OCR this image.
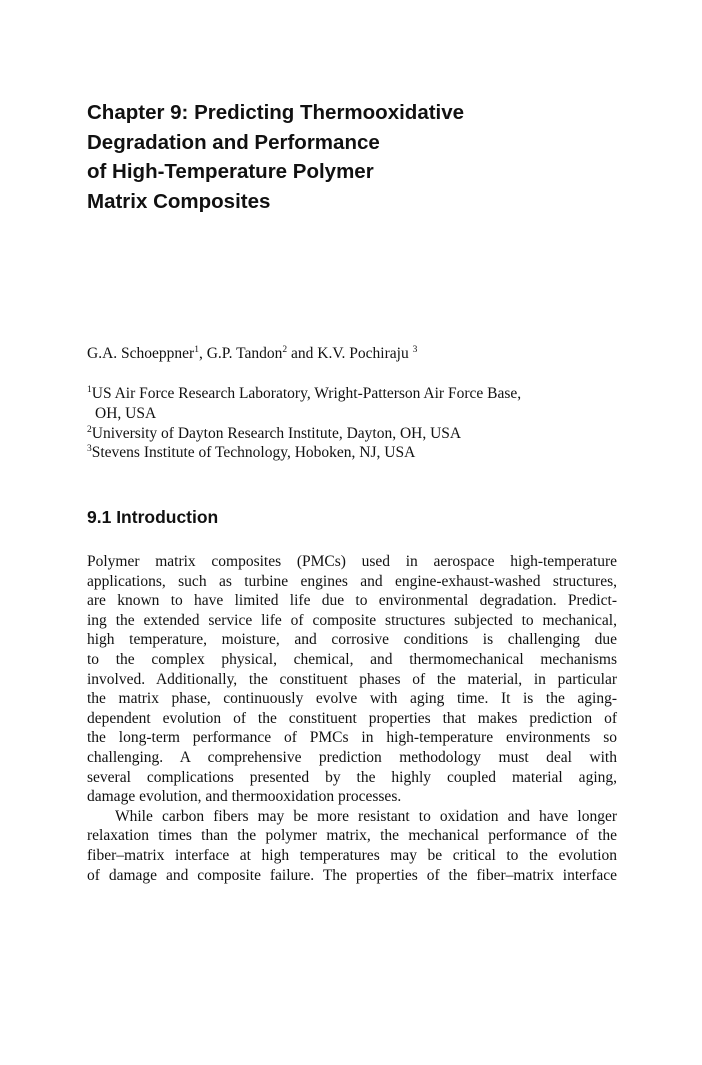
Chapter 9: Predicting Thermooxidative
Degradation and Performance
of High-Temperature Polymer
Matrix Composites
G.A. Schoeppner$^1$, G.P. Tandon$^2$ and K.V. Pochiraju $^3$
$^1$US Air Force Research Laboratory, Wright-Patterson Air Force Base,
OH, USA
$^2$University of Dayton Research Institute, Dayton, OH, USA
$^3$Stevens Institute of Technology, Hoboken, NJ, USA
9.1 Introduction
Polymer matrix composites (PMCs) used in aerospace high-temperature
applications, such as turbine engines and engine-exhaust-washed structures,
are known to have limited life due to environmental degradation. Predict-
ing the extended service life of composite structures subjected to mechanical,
high temperature, moisture, and corrosive conditions is challenging due
to the complex physical, chemical, and thermomechanical mechanisms
involved. Additionally, the constituent phases of the material, in particular
the matrix phase, continuously evolve with aging time. It is the aging-
dependent evolution of the constituent properties that makes prediction of
the long-term performance of PMCs in high-temperature environments so
challenging. A comprehensive prediction methodology must deal with
several complications presented by the highly coupled material aging,
damage evolution, and thermooxidation processes.
While carbon fibers may be more resistant to oxidation and have longer
relaxation times than the polymer matrix, the mechanical performance of the
fiber–matrix interface at high temperatures may be critical to the evolution
of damage and composite failure. The properties of the fiber–matrix interface
